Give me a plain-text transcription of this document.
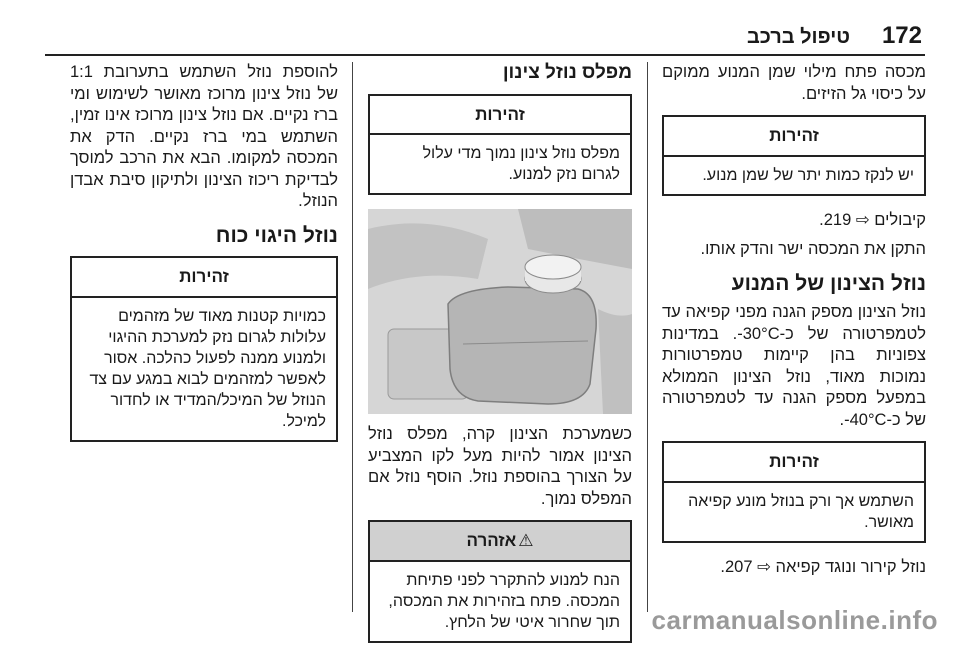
172
טיפול ברכב

מכסה פתח מילוי שמן המנוע ממוקם על כיסוי גל הזיזים.

זהירות
יש לנקז כמות יתר של שמן מנוע.

קיבולים ⇨ 219.

התקן את המכסה ישר והדק אותו.

נוזל הצינון של המנוע

נוזל הצינון מספק הגנה מפני קפיאה עד לטמפרטורה של כ-30°C-. במדינות צפוניות בהן קיימות טמפרטורות נמוכות מאוד, נוזל הצינון הממולא במפעל מספק הגנה עד לטמפרטורה של כ-40°C-.

זהירות
השתמש אך ורק בנוזל מונע קפיאה מאושר.

נוזל קירור ונוגד קפיאה ⇨ 207.

מפלס נוזל צינון
זהירות
מפלס נוזל צינון נמוך מדי עלול לגרום נזק למנוע.

כשמערכת הצינון קרה, מפלס נוזל הצינון אמור להיות מעל לקו המצביע על הצורך בהוספת נוזל. הוסף נוזל אם המפלס נמוך.

⚠אזהרה
הנח למנוע להתקרר לפני פתיחת המכסה. פתח בזהירות את המכסה, תוך שחרור איטי של הלחץ.

להוספת נוזל השתמש בתערובת 1:1 של נוזל צינון מרוכז מאושר לשימוש ומי ברז נקיים. אם נוזל צינון מרוכז אינו זמין, השתמש במי ברז נקיים. הדק את המכסה למקומו. הבא את הרכב למוסך לבדיקת ריכוז הצינון ולתיקון סיבת אבדן הנוזל.

נוזל היגוי כוח
זהירות
כמויות קטנות מאוד של מזהמים עלולות לגרום נזק למערכת ההיגוי ולמנוע ממנה לפעול כהלכה. אסור לאפשר למזהמים לבוא במגע עם צד הנוזל של המיכל/המדיד או לחדור למיכל.
carmanualsonline.info
